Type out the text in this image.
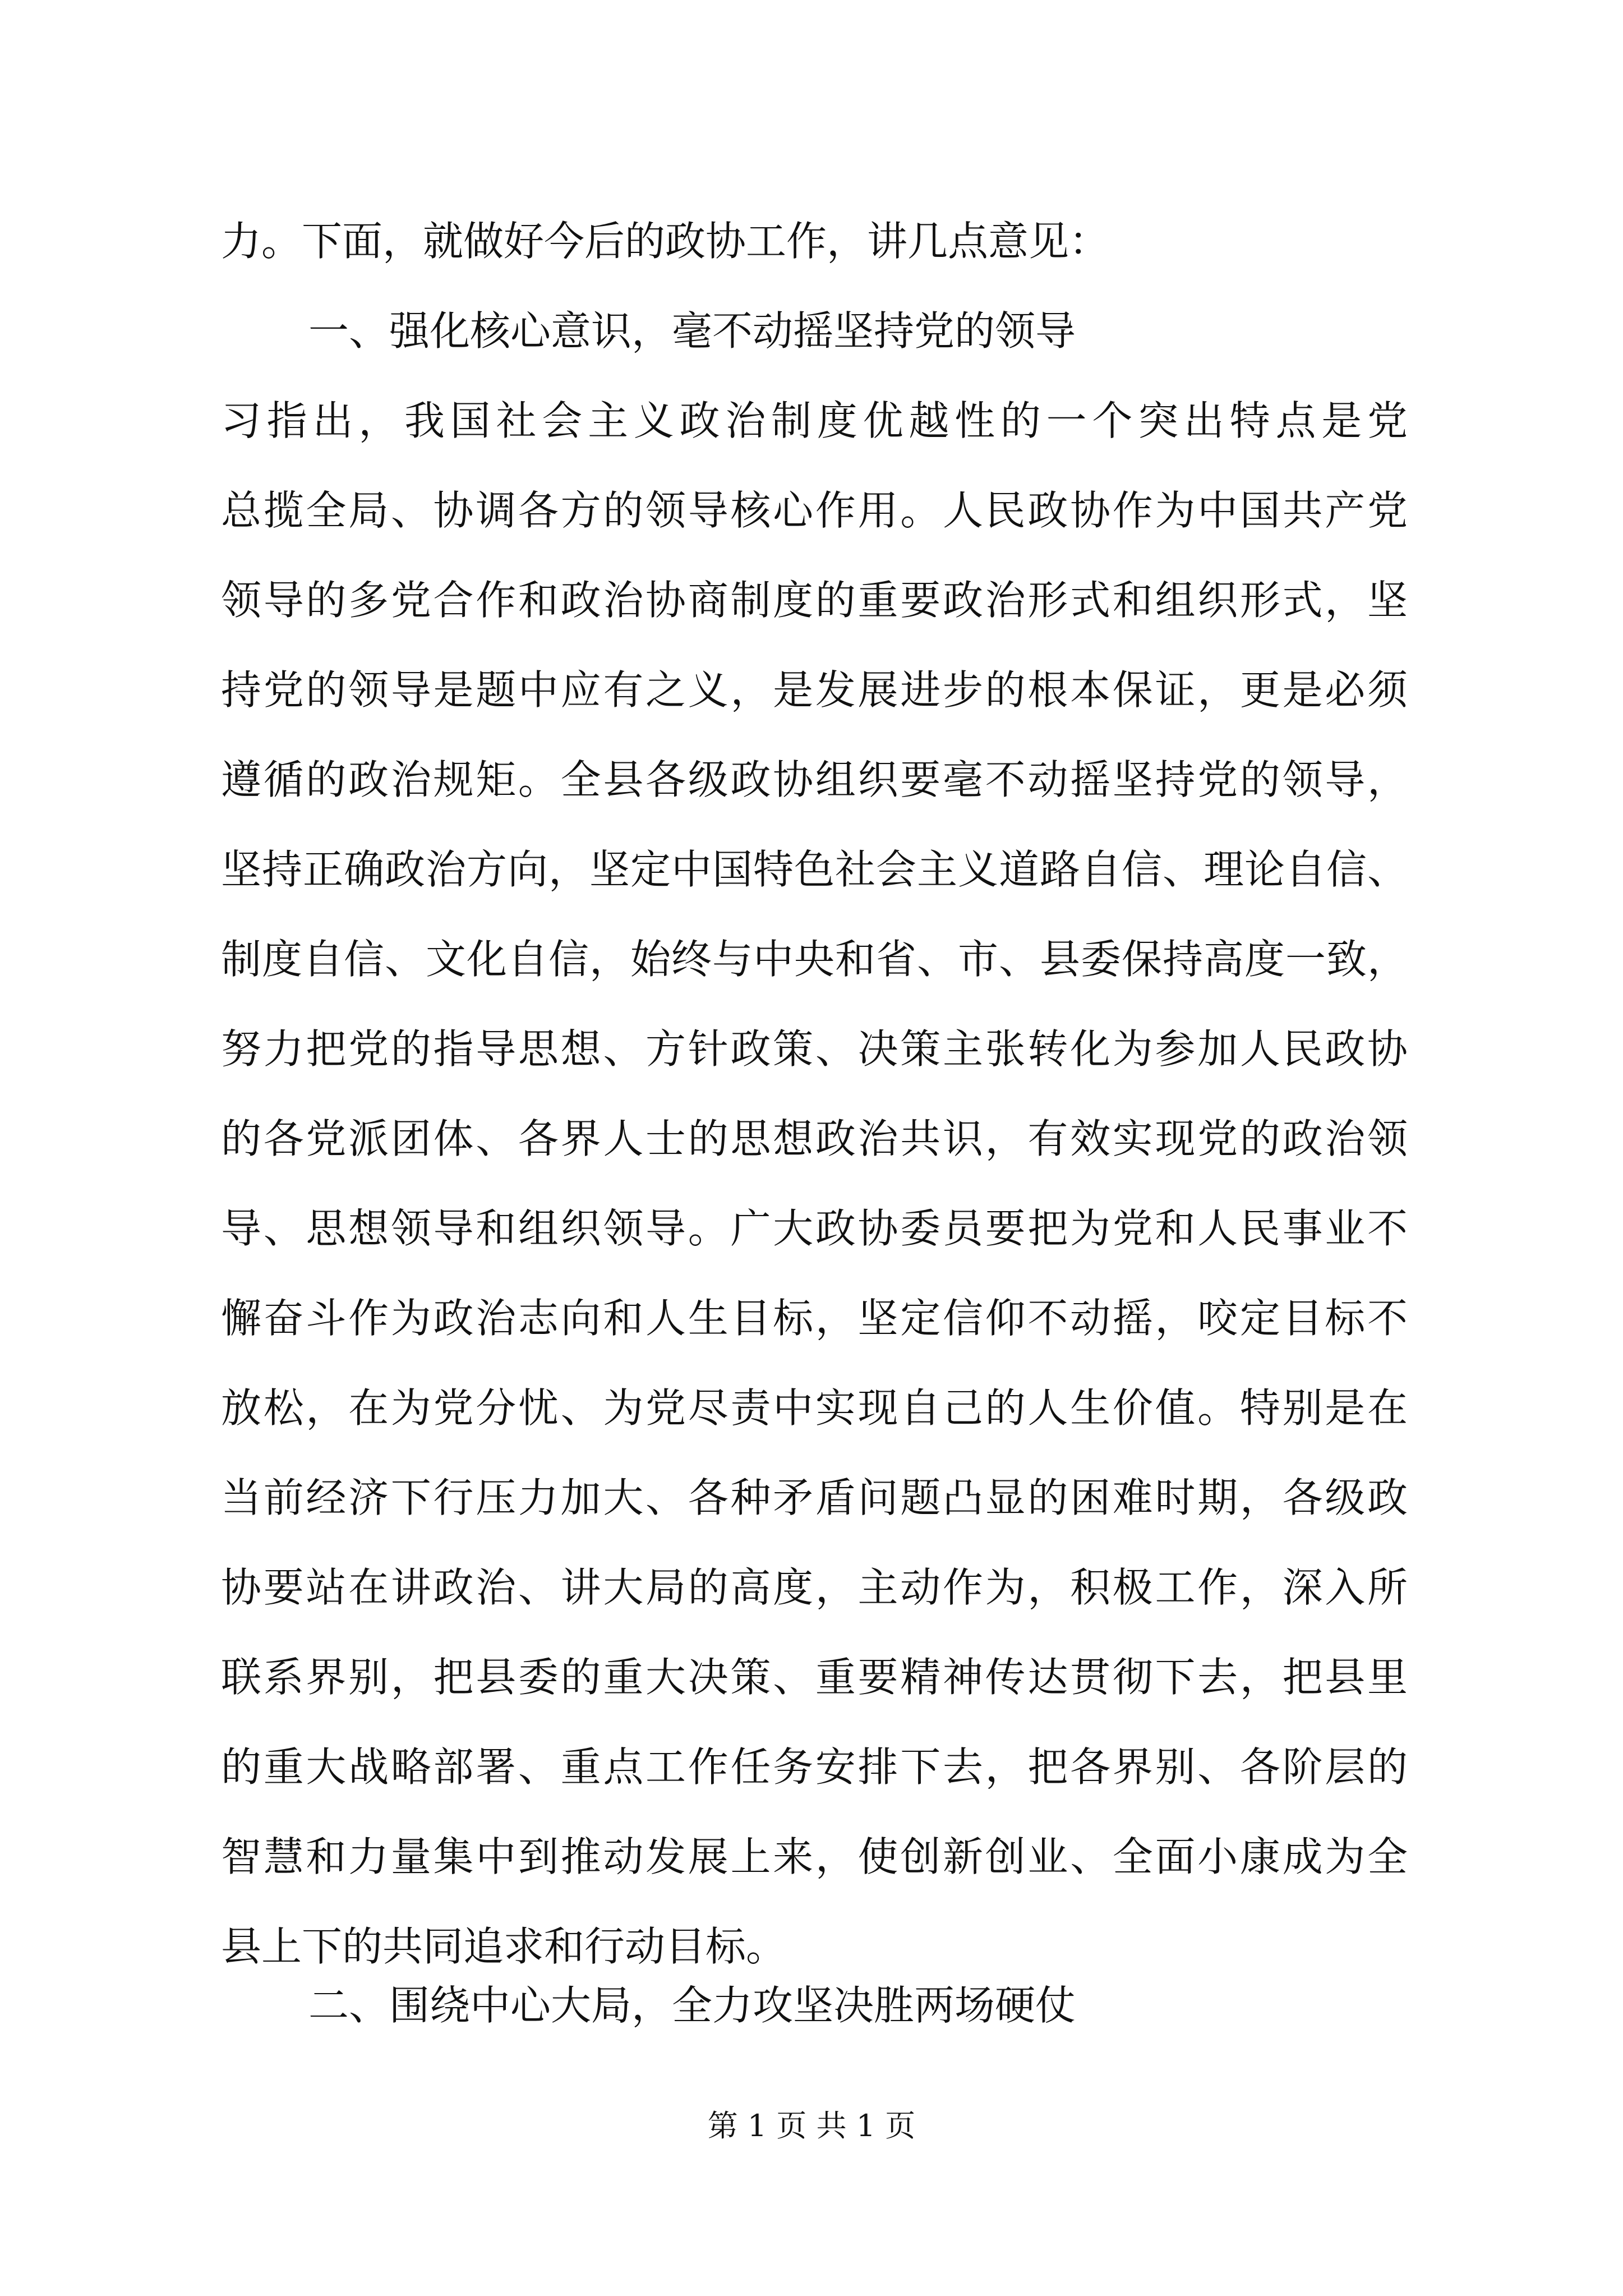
力。下面，就做好今后的政协工作，讲几点意见：
一、强化核心意识，毫不动摇坚持党的领导
习指出，我国社会主义政治制度优越性的一个突出特点是党
总揽全局、协调各方的领导核心作用。人民政协作为中国共产党
领导的多党合作和政治协商制度的重要政治形式和组织形式，坚
持党的领导是题中应有之义，是发展进步的根本保证，更是必须
遵循的政治规矩。全县各级政协组织要毫不动摇坚持党的领导，
坚持正确政治方向，坚定中国特色社会主义道路自信、理论自信、
制度自信、文化自信，始终与中央和省、市、县委保持高度一致，
努力把党的指导思想、方针政策、决策主张转化为参加人民政协
的各党派团体、各界人士的思想政治共识，有效实现党的政治领
导、思想领导和组织领导。广大政协委员要把为党和人民事业不
懈奋斗作为政治志向和人生目标，坚定信仰不动摇，咬定目标不
放松，在为党分忧、为党尽责中实现自己的人生价值。特别是在
当前经济下行压力加大、各种矛盾问题凸显的困难时期，各级政
协要站在讲政治、讲大局的高度，主动作为，积极工作，深入所
联系界别，把县委的重大决策、重要精神传达贯彻下去，把县里
的重大战略部署、重点工作任务安排下去，把各界别、各阶层的
智慧和力量集中到推动发展上来，使创新创业、全面小康成为全
县上下的共同追求和行动目标。
二、围绕中心大局，全力攻坚决胜两场硬仗
第 1 页 共 1 页
